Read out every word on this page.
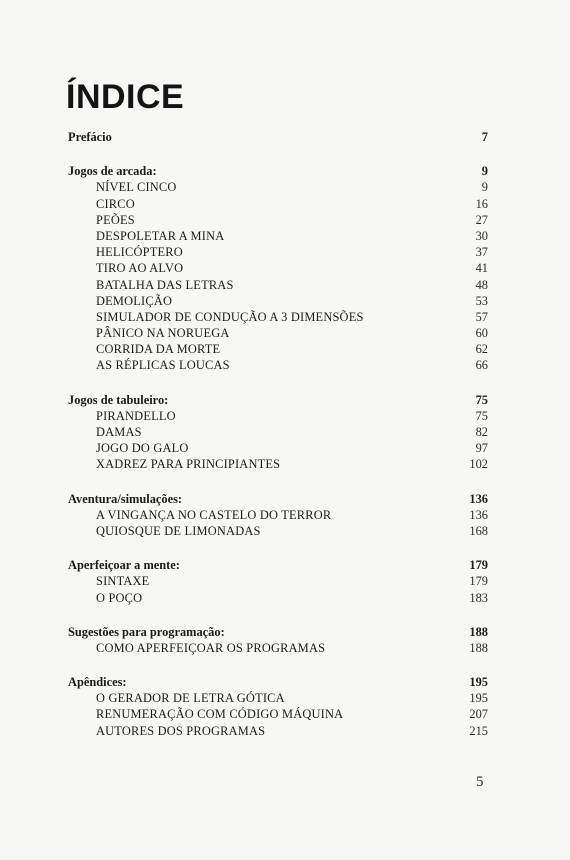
ÍNDICE
Prefácio	7
Jogos de arcada:	9
NÍVEL CINCO	9
CIRCO	16
PEÕES	27
DESPOLETAR A MINA	30
HELICÓPTERO	37
TIRO AO ALVO	41
BATALHA DAS LETRAS	48
DEMOLIÇÃO	53
SIMULADOR DE CONDUÇÃO A 3 DIMENSÕES	57
PÂNICO NA NORUEGA	60
CORRIDA DA MORTE	62
AS RÉPLICAS LOUCAS	66
Jogos de tabuleiro:	75
PIRANDELLO	75
DAMAS	82
JOGO DO GALO	97
XADREZ PARA PRINCIPIANTES	102
Aventura/simulações:	136
A VINGANÇA NO CASTELO DO TERROR	136
QUIOSQUE DE LIMONADAS	168
Aperfeiçoar a mente:	179
SINTAXE	179
O POÇO	183
Sugestões para programação:	188
COMO APERFEIÇOAR OS PROGRAMAS	188
Apêndices:	195
O GERADOR DE LETRA GÓTICA	195
RENUMERAÇÃO COM CÓDIGO MÁQUINA	207
AUTORES DOS PROGRAMAS	215
5
